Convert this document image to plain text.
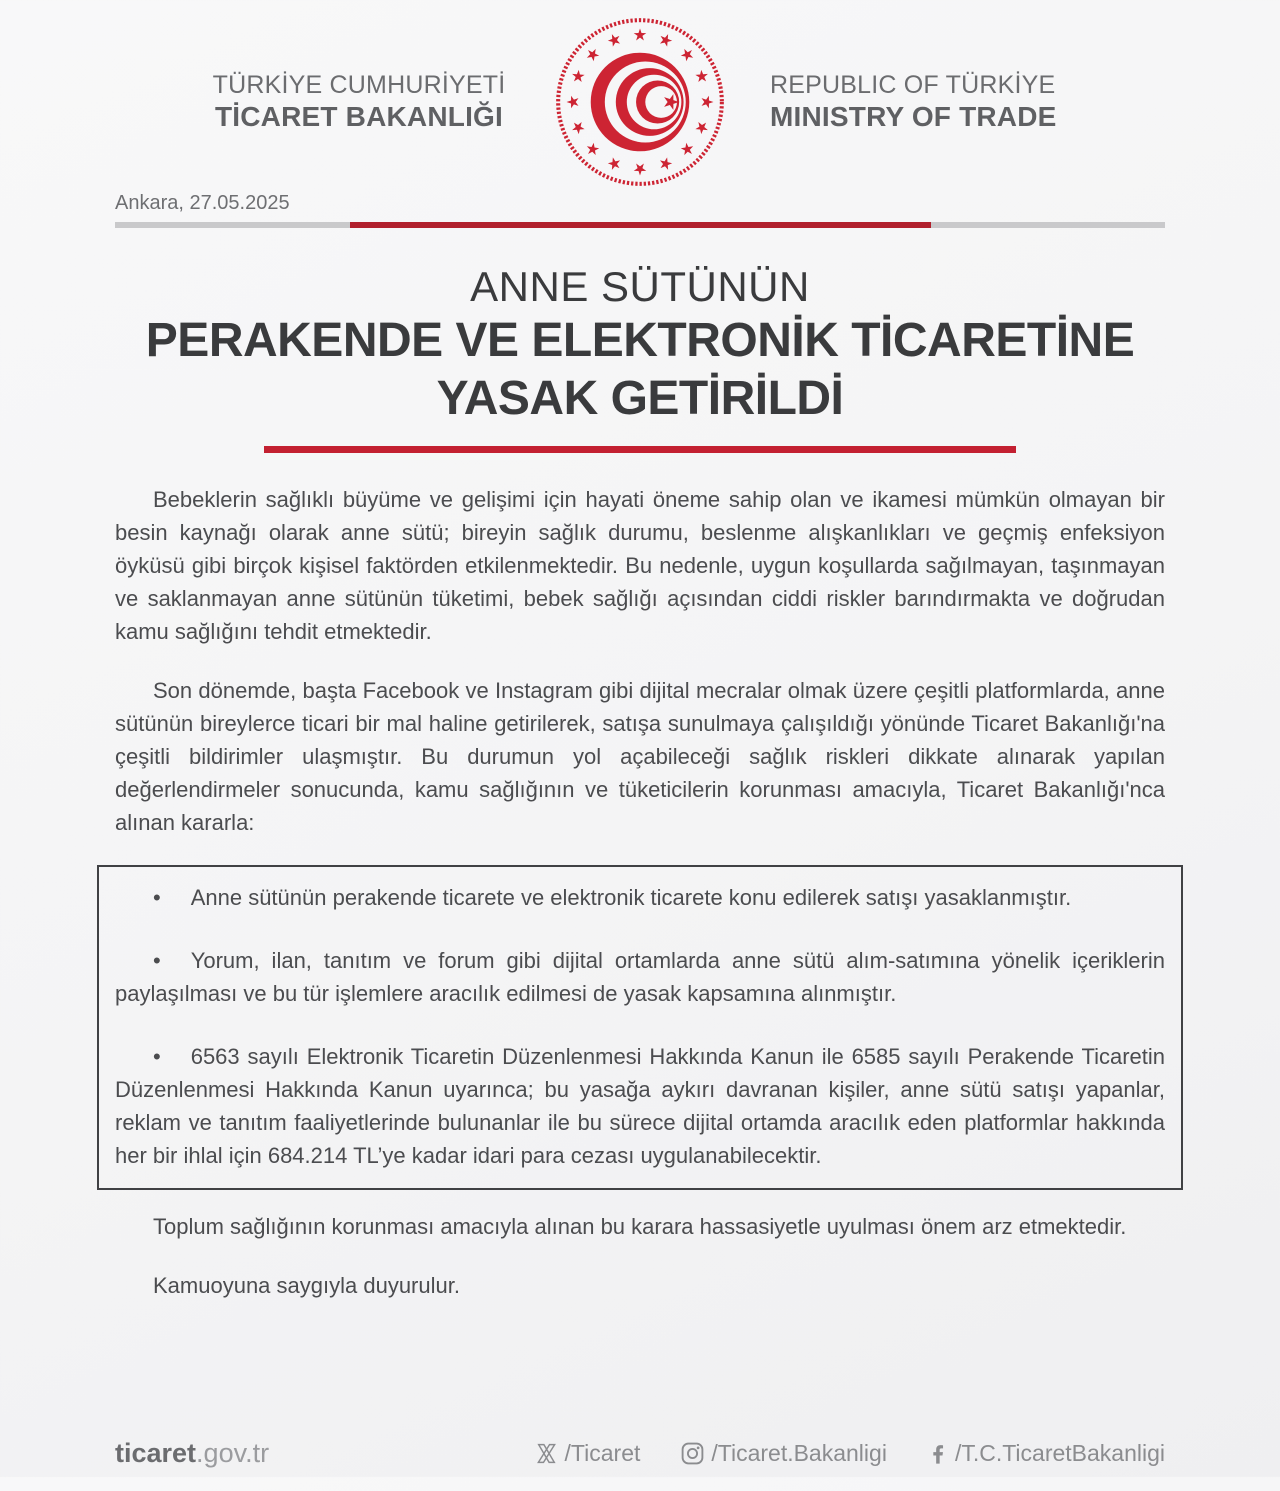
TÜRKİYE CUMHURİYETİ
TİCARET BAKANLIĞI
REPUBLIC OF TÜRKİYE
MINISTRY OF TRADE
Ankara, 27.05.2025
ANNE SÜTÜNÜN
PERAKENDE VE ELEKTRONİK TİCARETİNE
YASAK GETİRİLDİ

Bebeklerin sağlıklı büyüme ve gelişimi için hayati öneme sahip olan ve ikamesi mümkün olmayan bir besin kaynağı olarak anne sütü; bireyin sağlık durumu, beslenme alışkanlıkları ve geçmiş enfeksiyon öyküsü gibi birçok kişisel faktörden etkilenmektedir. Bu nedenle, uygun koşullarda sağılmayan, taşınmayan ve saklanmayan anne sütünün tüketimi, bebek sağlığı açısından ciddi riskler barındırmakta ve doğrudan kamu sağlığını tehdit etmektedir.

Son dönemde, başta Facebook ve Instagram gibi dijital mecralar olmak üzere çeşitli platformlarda, anne sütünün bireylerce ticari bir mal haline getirilerek, satışa sunulmaya çalışıldığı yönünde Ticaret Bakanlığı'na çeşitli bildirimler ulaşmıştır. Bu durumun yol açabileceği sağlık riskleri dikkate alınarak yapılan değerlendirmeler sonucunda, kamu sağlığının ve tüketicilerin korunması amacıyla, Ticaret Bakanlığı'nca alınan kararla:

• Anne sütünün perakende ticarete ve elektronik ticarete konu edilerek satışı yasaklanmıştır.

• Yorum, ilan, tanıtım ve forum gibi dijital ortamlarda anne sütü alım-satımına yönelik içeriklerin paylaşılması ve bu tür işlemlere aracılık edilmesi de yasak kapsamına alınmıştır.

• 6563 sayılı Elektronik Ticaretin Düzenlenmesi Hakkında Kanun ile 6585 sayılı Perakende Ticaretin Düzenlenmesi Hakkında Kanun uyarınca; bu yasağa aykırı davranan kişiler, anne sütü satışı yapanlar, reklam ve tanıtım faaliyetlerinde bulunanlar ile bu sürece dijital ortamda aracılık eden platformlar hakkında her bir ihlal için 684.214 TL’ye kadar idari para cezası uygulanabilecektir.

Toplum sağlığının korunması amacıyla alınan bu karara hassasiyetle uyulması önem arz etmektedir.

Kamuoyuna saygıyla duyurulur.

ticaret.gov.tr	/Ticaret	/Ticaret.Bakanligi	/T.C.TicaretBakanligi
